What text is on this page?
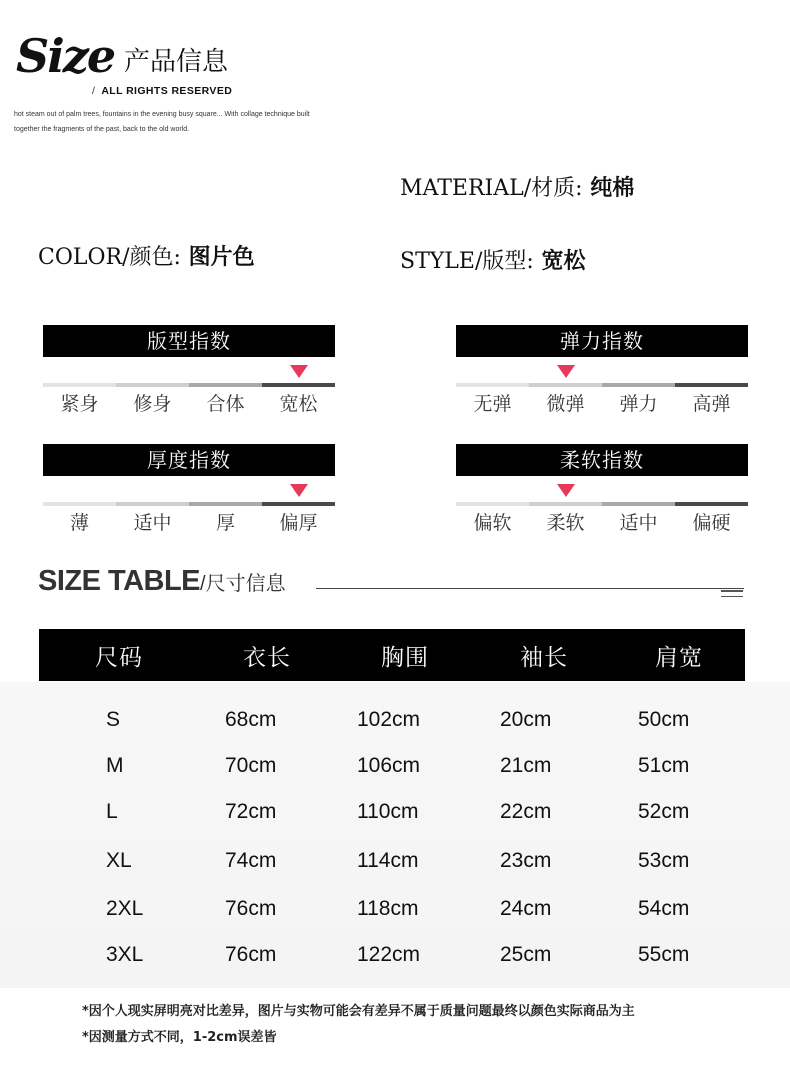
Size 产品信息
/ ALL RIGHTS RESERVED
hot steam out of palm trees, fountains in the evening busy square... With collage technique built
together the fragments of the past, back to the old world.
MATERIAL/材质: 纯棉
COLOR/颜色: 图片色	STYLE/版型: 宽松
版型指数
紧身	修身	合体	宽松
弹力指数
无弹	微弹	弹力	高弹
厚度指数
薄	适中	厚	偏厚
柔软指数
偏软	柔软	适中	偏硬
SIZE TABLE/尺寸信息
尺码	衣长	胸围	袖长	肩宽
S	68cm	102cm	20cm	50cm
M	70cm	106cm	21cm	51cm
L	72cm	110cm	22cm	52cm
XL	74cm	114cm	23cm	53cm
2XL	76cm	118cm	24cm	54cm
3XL	76cm	122cm	25cm	55cm
*因个人现实屏明亮对比差异，图片与实物可能会有差异不属于质量问题最终以颜色实际商品为主
*因测量方式不同，1-2cm误差皆
